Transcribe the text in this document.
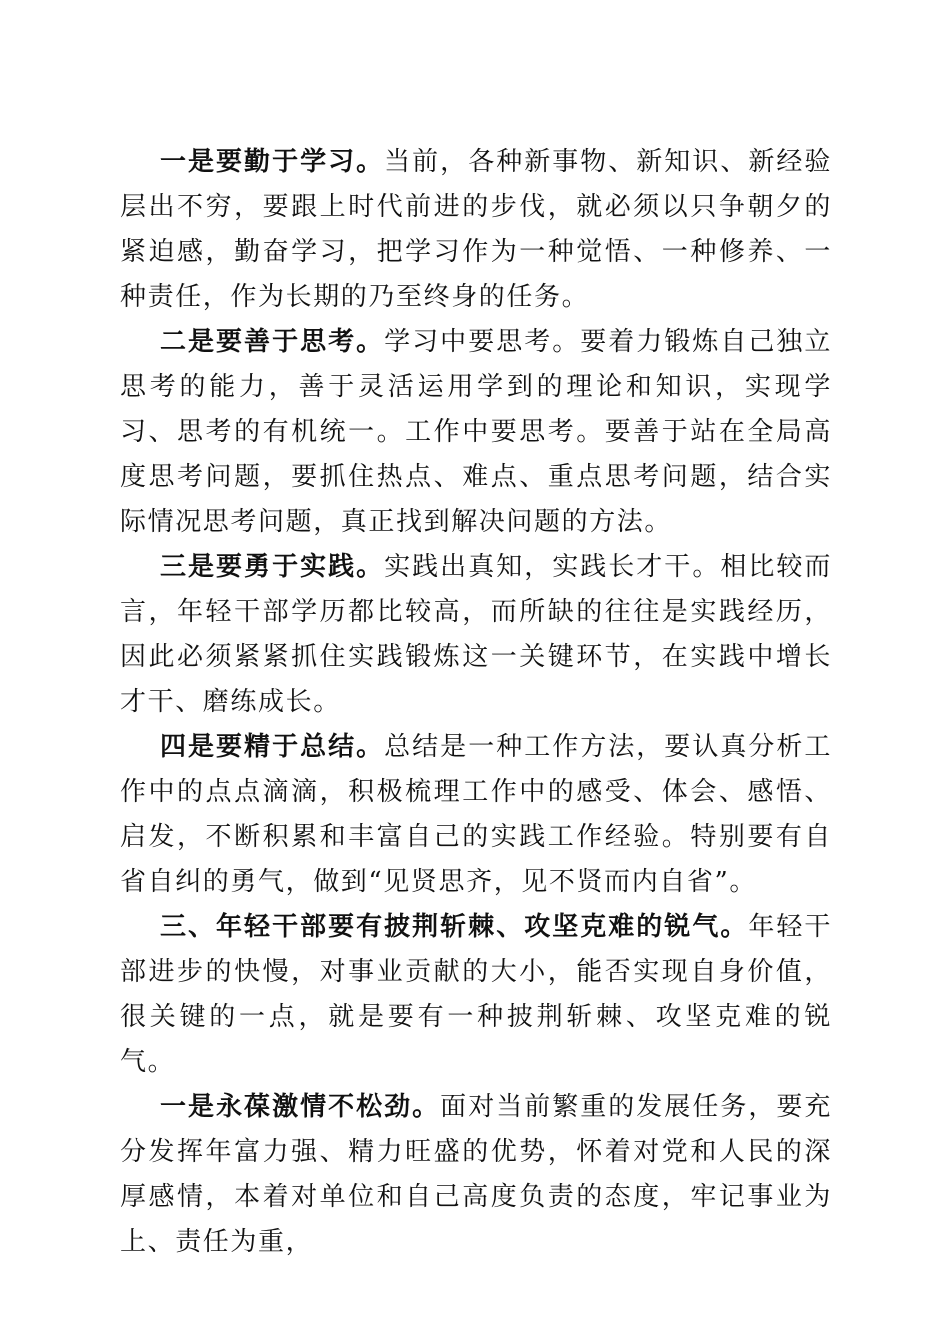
一是要勤于学习。当前，各种新事物、新知识、新经验层出不穷，要跟上时代前进的步伐，就必须以只争朝夕的紧迫感，勤奋学习，把学习作为一种觉悟、一种修养、一种责任，作为长期的乃至终身的任务。

二是要善于思考。学习中要思考。要着力锻炼自己独立思考的能力，善于灵活运用学到的理论和知识，实现学习、思考的有机统一。工作中要思考。要善于站在全局高度思考问题，要抓住热点、难点、重点思考问题，结合实际情况思考问题，真正找到解决问题的方法。

三是要勇于实践。实践出真知，实践长才干。相比较而言，年轻干部学历都比较高，而所缺的往往是实践经历，因此必须紧紧抓住实践锻炼这一关键环节，在实践中增长才干、磨练成长。

四是要精于总结。总结是一种工作方法，要认真分析工作中的点点滴滴，积极梳理工作中的感受、体会、感悟、启发，不断积累和丰富自己的实践工作经验。特别要有自省自纠的勇气，做到“见贤思齐，见不贤而内自省”。

三、年轻干部要有披荆斩棘、攻坚克难的锐气。年轻干部进步的快慢，对事业贡献的大小，能否实现自身价值，很关键的一点，就是要有一种披荆斩棘、攻坚克难的锐气。

一是永葆激情不松劲。面对当前繁重的发展任务，要充分发挥年富力强、精力旺盛的优势，怀着对党和人民的深厚感情，本着对单位和自己高度负责的态度，牢记事业为上、责任为重，
